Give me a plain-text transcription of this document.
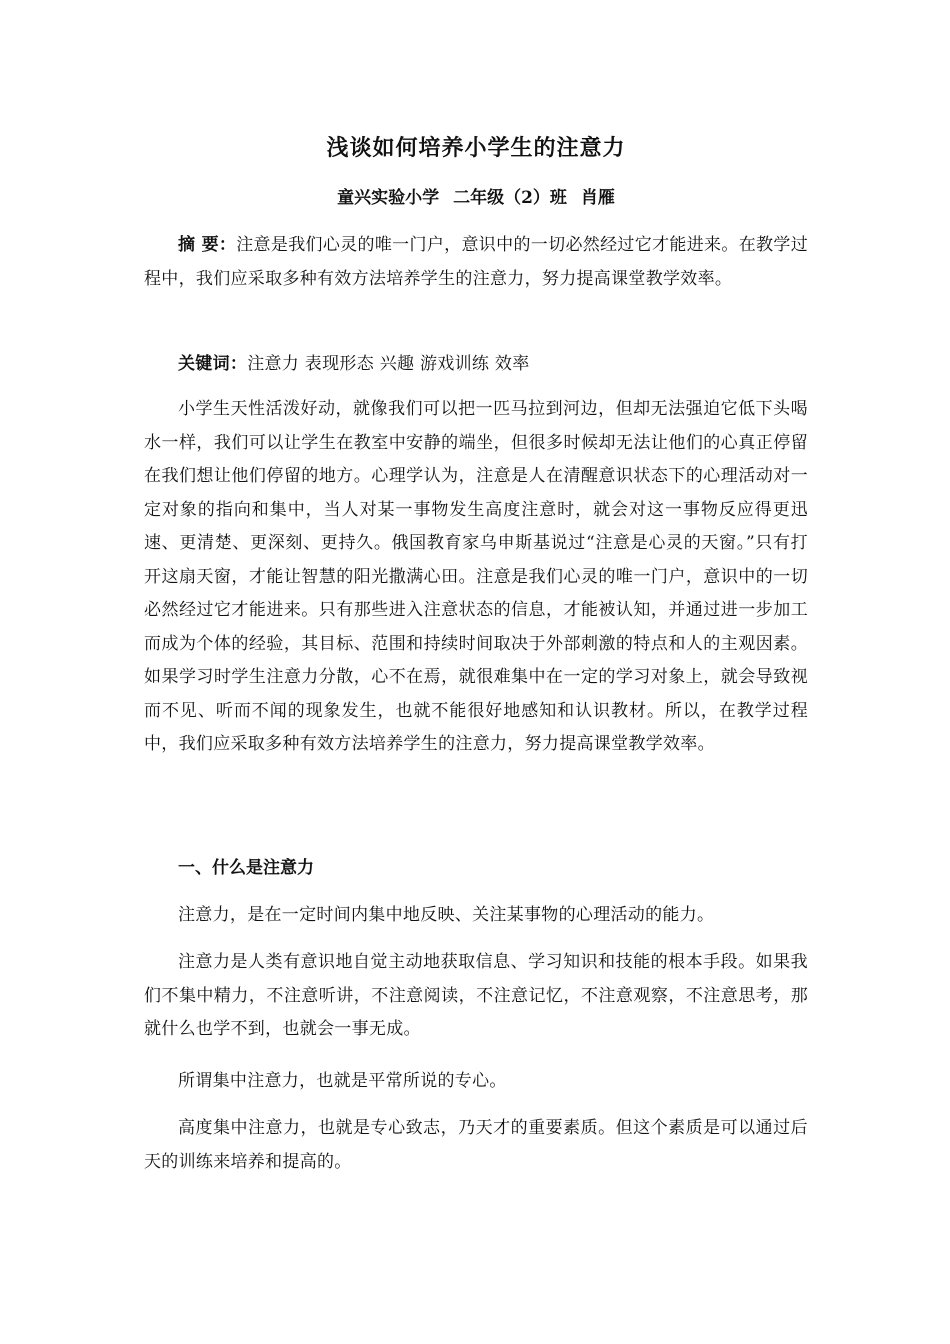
浅谈如何培养小学生的注意力

童兴实验小学 二年级（2）班 肖雁

摘 要：注意是我们心灵的唯一门户，意识中的一切必然经过它才能进来。在教学过程中，我们应采取多种有效方法培养学生的注意力，努力提高课堂教学效率。

关键词：注意力 表现形态 兴趣 游戏训练 效率

小学生天性活泼好动，就像我们可以把一匹马拉到河边，但却无法强迫它低下头喝水一样，我们可以让学生在教室中安静的端坐，但很多时候却无法让他们的心真正停留在我们想让他们停留的地方。心理学认为，注意是人在清醒意识状态下的心理活动对一定对象的指向和集中，当人对某一事物发生高度注意时，就会对这一事物反应得更迅速、更清楚、更深刻、更持久。俄国教育家乌申斯基说过“注意是心灵的天窗。”只有打开这扇天窗，才能让智慧的阳光撒满心田。注意是我们心灵的唯一门户，意识中的一切必然经过它才能进来。只有那些进入注意状态的信息，才能被认知，并通过进一步加工而成为个体的经验，其目标、范围和持续时间取决于外部刺激的特点和人的主观因素。如果学习时学生注意力分散，心不在焉，就很难集中在一定的学习对象上，就会导致视而不见、听而不闻的现象发生，也就不能很好地感知和认识教材。所以，在教学过程中，我们应采取多种有效方法培养学生的注意力，努力提高课堂教学效率。

一、什么是注意力

注意力，是在一定时间内集中地反映、关注某事物的心理活动的能力。

注意力是人类有意识地自觉主动地获取信息、学习知识和技能的根本手段。如果我们不集中精力，不注意听讲，不注意阅读，不注意记忆，不注意观察，不注意思考，那就什么也学不到，也就会一事无成。

所谓集中注意力，也就是平常所说的专心。

高度集中注意力，也就是专心致志，乃天才的重要素质。但这个素质是可以通过后天的训练来培养和提高的。
